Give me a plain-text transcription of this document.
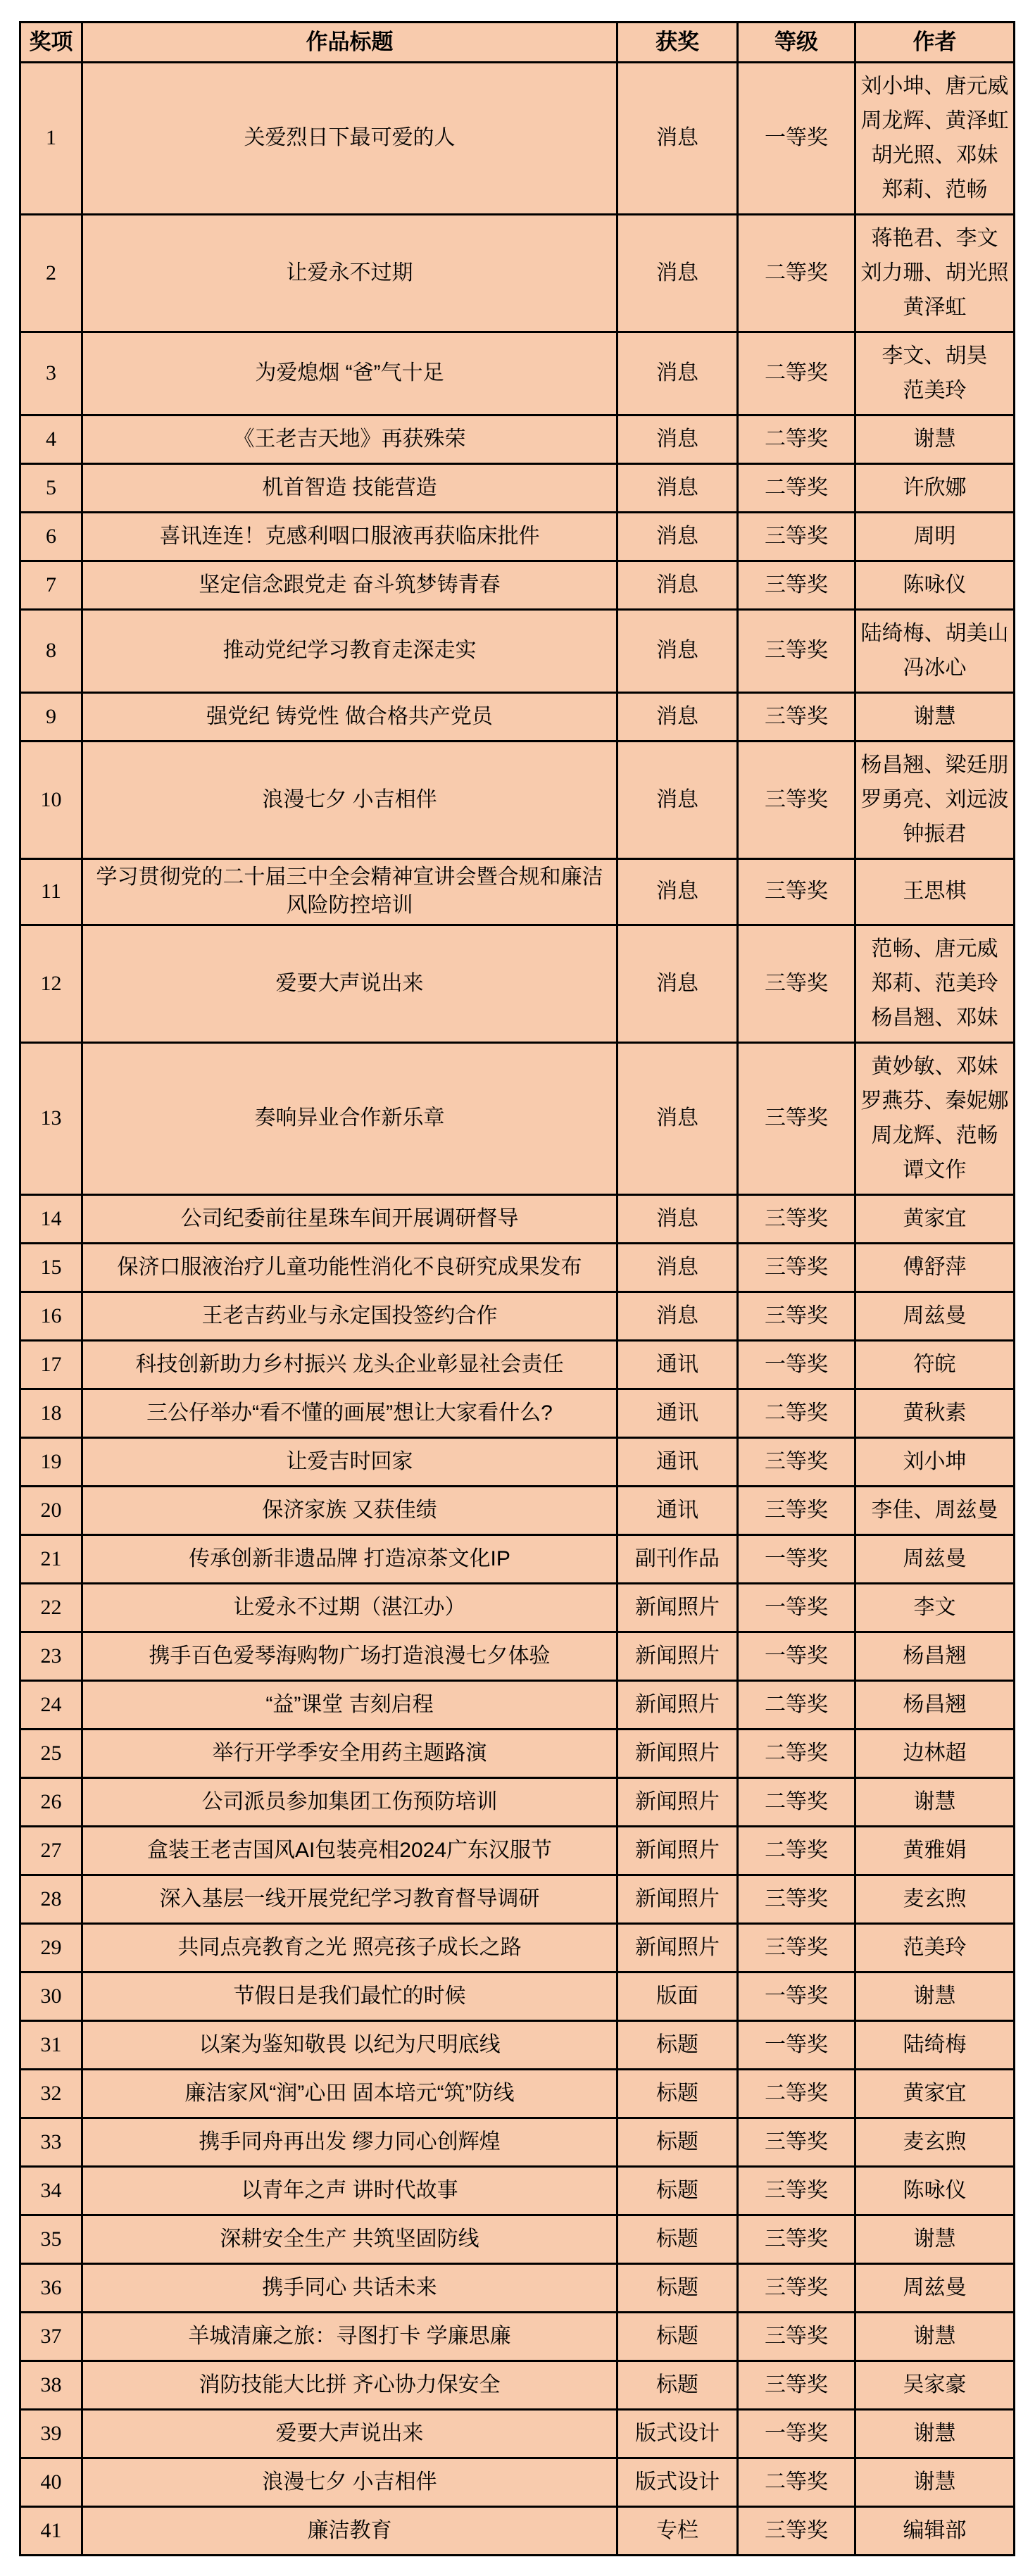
奖项	作品标题	获奖	等级	作者
1	关爱烈日下最可爱的人	消息	一等奖	刘小坤、唐元威
周龙辉、黄泽虹
胡光照、邓妹
郑莉、范畅

2	让爱永不过期	消息	二等奖	蒋艳君、李文
刘力珊、胡光照
黄泽虹

3	为爱熄烟 “爸”气十足	消息	二等奖	李文、胡昊
范美玲

4	《王老吉天地》再获殊荣	消息	二等奖	谢慧

5	机首智造 技能营造	消息	二等奖	许欣娜

6	喜讯连连！克感利咽口服液再获临床批件	消息	三等奖	周明

7	坚定信念跟党走 奋斗筑梦铸青春	消息	三等奖	陈咏仪

8	推动党纪学习教育走深走实	消息	三等奖	陆绮梅、胡美山
冯冰心

9	强党纪 铸党性 做合格共产党员	消息	三等奖	谢慧

10	浪漫七夕 小吉相伴	消息	三等奖	杨昌翘、梁廷朋
罗勇亮、刘远波
钟振君

11	学习贯彻党的二十届三中全会精神宣讲会暨合规和廉洁风险防控培训	消息	三等奖	王思棋

12	爱要大声说出来	消息	三等奖	范畅、唐元威
郑莉、范美玲
杨昌翘、邓妹

13	奏响异业合作新乐章	消息	三等奖	黄妙敏、邓妹
罗燕芬、秦妮娜
周龙辉、范畅
谭文作

14	公司纪委前往星珠车间开展调研督导	消息	三等奖	黄家宜

15	保济口服液治疗儿童功能性消化不良研究成果发布	消息	三等奖	傅舒萍

16	王老吉药业与永定国投签约合作	消息	三等奖	周兹曼

17	科技创新助力乡村振兴 龙头企业彰显社会责任	通讯	一等奖	符皖

18	三公仔举办“看不懂的画展”想让大家看什么?	通讯	二等奖	黄秋素

19	让爱吉时回家	通讯	三等奖	刘小坤

20	保济家族 又获佳绩	通讯	三等奖	李佳、周兹曼

21	传承创新非遗品牌 打造凉茶文化IP	副刊作品	一等奖	周兹曼

22	让爱永不过期（湛江办）	新闻照片	一等奖	李文

23	携手百色爱琴海购物广场打造浪漫七夕体验	新闻照片	一等奖	杨昌翘

24	“益”课堂 吉刻启程	新闻照片	二等奖	杨昌翘

25	举行开学季安全用药主题路演	新闻照片	二等奖	边林超

26	公司派员参加集团工伤预防培训	新闻照片	二等奖	谢慧

27	盒装王老吉国风AI包装亮相2024广东汉服节	新闻照片	二等奖	黄雅娟

28	深入基层一线开展党纪学习教育督导调研	新闻照片	三等奖	麦玄煦

29	共同点亮教育之光 照亮孩子成长之路	新闻照片	三等奖	范美玲

30	节假日是我们最忙的时候	版面	一等奖	谢慧

31	以案为鉴知敬畏 以纪为尺明底线	标题	一等奖	陆绮梅

32	廉洁家风“润”心田 固本培元“筑”防线	标题	二等奖	黄家宜

33	携手同舟再出发 缪力同心创辉煌	标题	三等奖	麦玄煦

34	以青年之声 讲时代故事	标题	三等奖	陈咏仪

35	深耕安全生产 共筑坚固防线	标题	三等奖	谢慧

36	携手同心 共话未来	标题	三等奖	周兹曼

37	羊城清廉之旅：寻图打卡 学廉思廉	标题	三等奖	谢慧

38	消防技能大比拼 齐心协力保安全	标题	三等奖	吴家豪

39	爱要大声说出来	版式设计	一等奖	谢慧

40	浪漫七夕 小吉相伴	版式设计	二等奖	谢慧

41	廉洁教育	专栏	三等奖	编辑部
